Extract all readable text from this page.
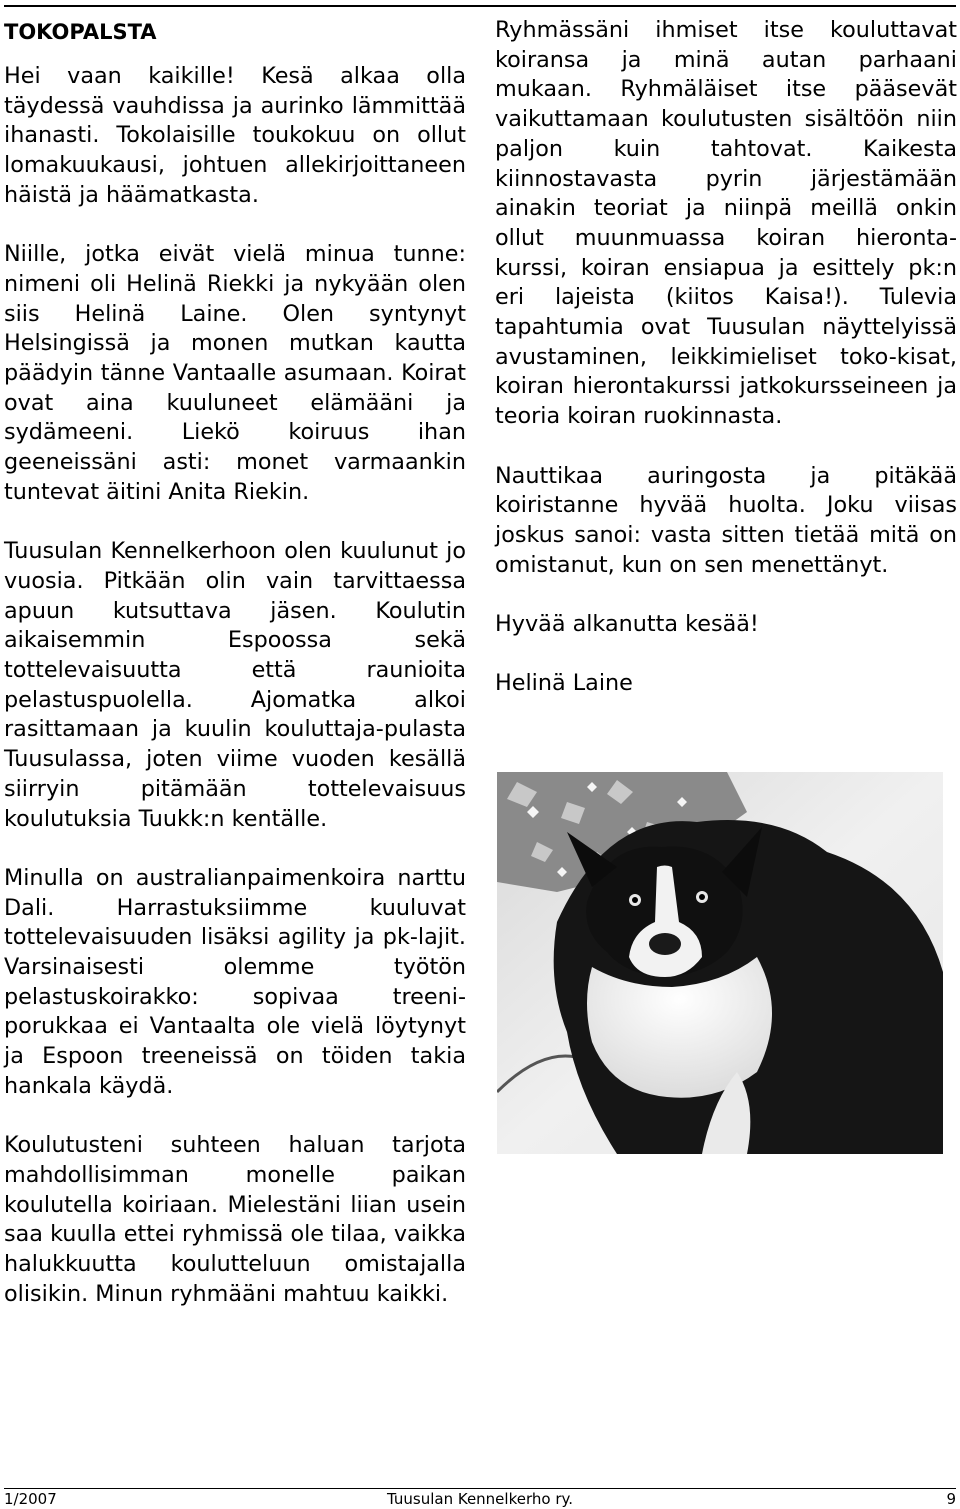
TOKOPALSTA

Hei vaan kaikille! Kesä alkaa olla täydessä vauhdissa ja aurinko lämmittää ihanasti. Tokolaisille toukokuu on ollut lomakuukausi, johtuen allekirjoittaneen häistä ja häämatkasta.

Niille, jotka eivät vielä minua tunne: nimeni oli Helinä Riekki ja nykyään olen siis Helinä Laine. Olen syntynyt Helsingissä ja monen mutkan kautta päädyin tänne Vantaalle asumaan. Koirat ovat aina kuuluneet elämääni ja sydämeeni. Liekö koiruus ihan geeneissäni asti: monet varmaankin tuntevat äitini Anita Riekin.

Tuusulan Kennelkerhoon olen kuulunut jo vuosia. Pitkään olin vain tarvittaessa apuun kutsuttava jäsen. Koulutin aikaisemmin Espoossa sekä tottelevaisuutta että raunioita pelastuspuolella. Ajomatka alkoi rasittamaan ja kuulin kouluttaja-pulasta Tuusulassa, joten viime vuoden kesällä siirryin pitämään tottelevaisuus koulutuksia Tuukk:n kentälle.

Minulla on australianpaimenkoira narttu Dali. Harrastuksiimme kuuluvat tottelevaisuuden lisäksi agility ja pk-lajit. Varsinaisesti olemme työtön pelastuskoirakko: sopivaa treeni-porukkaa ei Vantaalta ole vielä löytynyt ja Espoon treeneissä on töiden takia hankala käydä.

Koulutusteni suhteen haluan tarjota mahdollisimman monelle paikan koulutella koiriaan. Mielestäni liian usein saa kuulla ettei ryhmissä ole tilaa, vaikka halukkuutta koulutteluun omistajalla olisikin. Minun ryhmääni mahtuu kaikki.

Ryhmässäni ihmiset itse kouluttavat koiransa ja minä autan parhaani mukaan. Ryhmäläiset itse pääsevät vaikuttamaan koulutusten sisältöön niin paljon kuin tahtovat. Kaikesta kiinnostavasta pyrin järjestämään ainakin teoriat ja niinpä meillä onkin ollut muunmuassa koiran hieronta-kurssi, koiran ensiapua ja esittely pk:n eri lajeista (kiitos Kaisa!). Tulevia tapahtumia ovat Tuusulan näyttelyissä avustaminen, leikkimieliset toko-kisat, koiran hierontakurssi jatkokursseineen ja teoria koiran ruokinnasta.

Nauttikaa auringosta ja pitäkää koiristanne hyvää huolta. Joku viisas joskus sanoi: vasta sitten tietää mitä on omistanut, kun on sen menettänyt.

Hyvää alkanutta kesää!

Helinä Laine

1/2007	Tuusulan Kennelkerho ry.	9
